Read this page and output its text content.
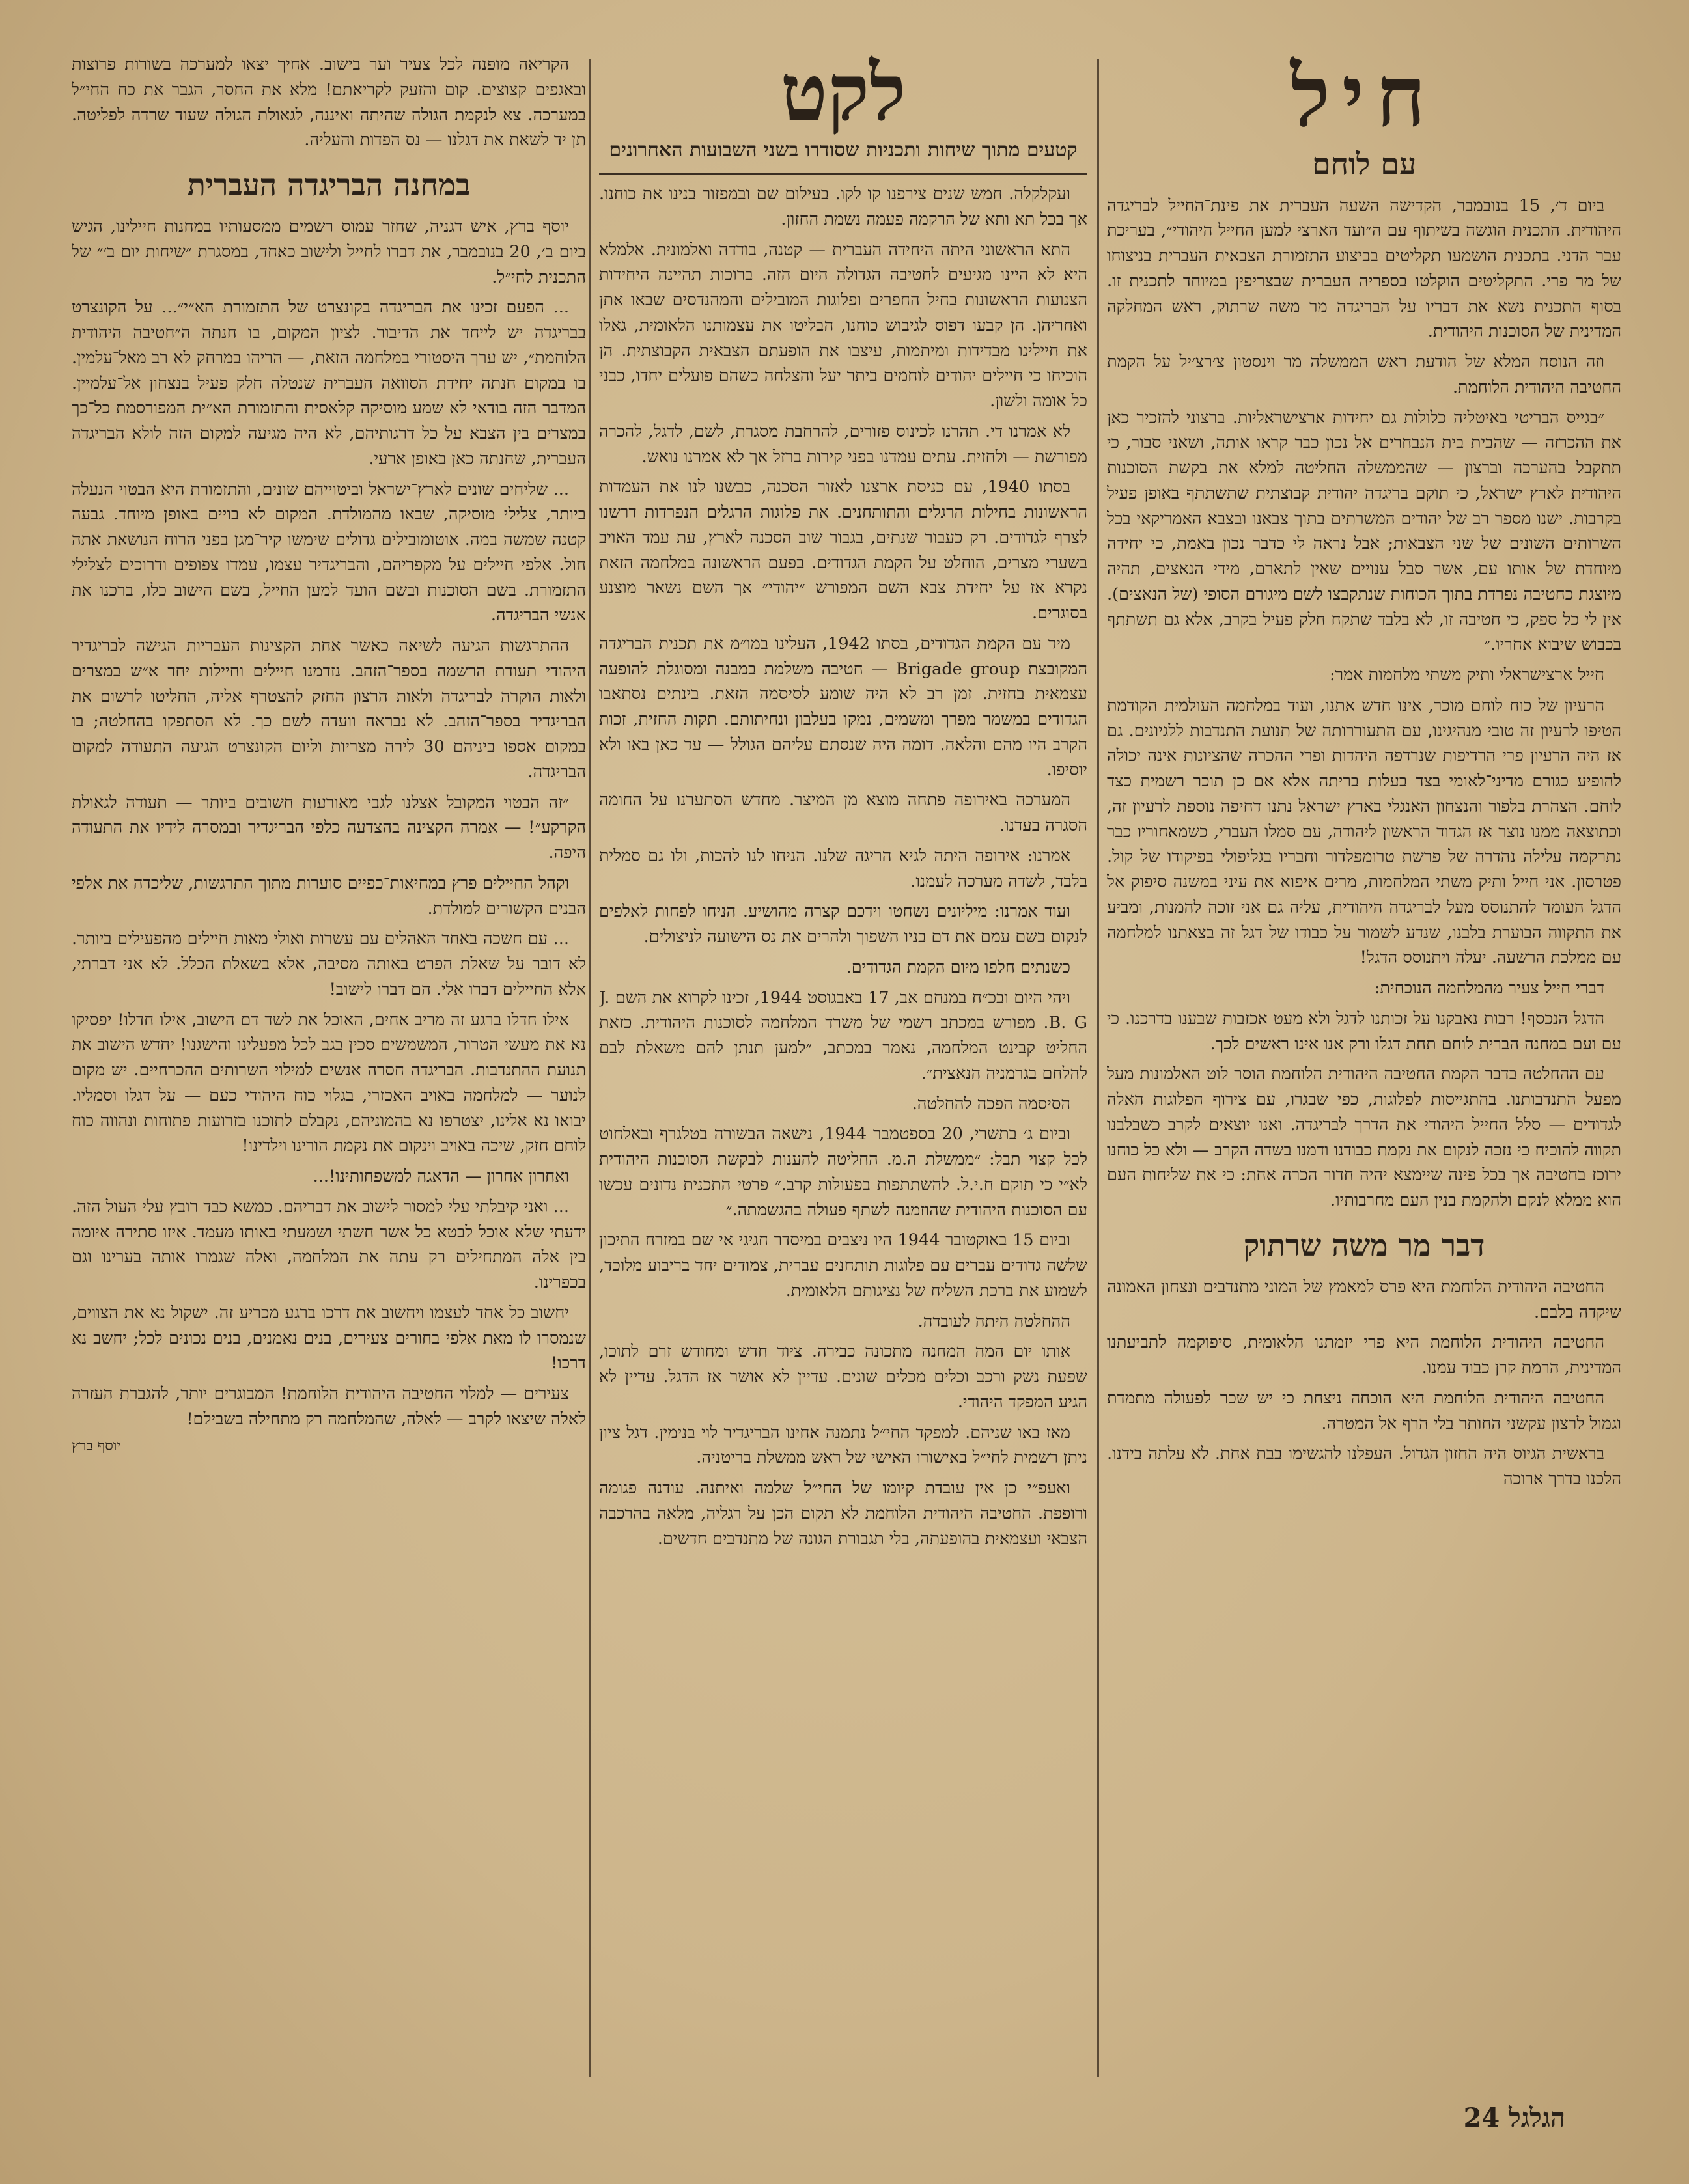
חיל
עם לוחם

ביום ד׳, 15 בנובמבר, הקדישה השעה העברית את פינת־החייל לבריגדה היהודית. התכנית הוגשה בשיתוף עם ה״ועד הארצי למען החייל היהודי״, בעריכת עבר הדני. בתכנית הושמעו תקליטים בביצוע התזמורת הצבאית העברית בניצוחו של מר פרי. התקליטים הוקלטו בספריה העברית שבצריפין במיוחד לתכנית זו. בסוף התכנית נשא את דבריו על הבריגדה מר משה שרתוק, ראש המחלקה המדינית של הסוכנות היהודית.

וזה הנוסח המלא של הודעת ראש הממשלה מר וינסטון צ׳רצ׳יל על הקמת החטיבה היהודית הלוחמת.

״בגייס הבריטי באיטליה כלולות גם יחידות ארצישראליות. ברצוני להזכיר כאן את ההכרזה — שהבית בית הנבחרים אל נכון כבר קראו אותה, ושאני סבור, כי תתקבל בהערכה וברצון — שהממשלה החליטה למלא את בקשת הסוכנות היהודית לארץ ישראל, כי תוקם בריגדה יהודית קבוצתית שתשתתף באופן פעיל בקרבות. ישנו מספר רב של יהודים המשרתים בתוך צבאנו ובצבא האמריקאי בכל השרותים השונים של שני הצבאות; אבל נראה לי כדבר נכון באמת, כי יחידה מיוחדת של אותו עם, אשר סבל ענויים שאין לתארם, מידי הנאצים, תהיה מיוצגת כחטיבה נפרדת בתוך הכוחות שנתקבצו לשם מיגורם הסופי (של הנאצים). אין לי כל ספק, כי חטיבה זו, לא בלבד שתקח חלק פעיל בקרב, אלא גם תשתתף בכבוש שיבוא אחריו.״

חייל ארצישראלי ותיק משתי מלחמות אמר:

הרעיון של כוח לוחם מוכר, אינו חדש אתנו, ועוד במלחמה העולמית הקודמת הטיפו לרעיון זה טובי מנהיגינו, עם התעוררותה של תנועת התנדבות ללגיונים. גם אז היה הרעיון פרי הרדיפות שנרדפה היהדות ופרי ההכרה שהציונות אינה יכולה להופיע כגורם מדיני־לאומי בצד בעלות בריתה אלא אם כן תוכר רשמית כצד לוחם. הצהרת בלפור והנצחון האנגלי בארץ ישראל נתנו דחיפה נוספת לרעיון זה, וכתוצאה ממנו נוצר אז הגדוד הראשון ליהודה, עם סמלו העברי, כשמאחוריו כבר נתרקמה עלילה נהדרה של פרשת טרומפלדור וחבריו בגליפולי בפיקודו של קול. פטרסון. אני חייל ותיק משתי המלחמות, מרים איפוא את עיני במשנה סיפוק אל הדגל העומד להתנוסס מעל לבריגדה היהודית, עליה גם אני זוכה להמנות, ומביע את התקווה הבוערת בלבנו, שנדע לשמור על כבודו של דגל זה בצאתנו למלחמה עם ממלכת הרשעה. יעלה ויתנוסס הדגל!

דברי חייל צעיר מהמלחמה הנוכחית:

הדגל הנכסף! רבות נאבקנו על זכותנו לדגל ולא מעט אכזבות שבענו בדרכנו. כי עם ועם במחנה הברית לוחם תחת דגלו ורק אנו אינו ראשים לכך.

עם ההחלטה בדבר הקמת החטיבה היהודית הלוחמת הוסר לוט האלמונות מעל מפעל התנדבותנו. בהתגייסות לפלוגות, כפי שבגרו, עם צירוף הפלוגות האלה לגדודים — סלל החייל היהודי את הדרך לבריגדה. ואנו יוצאים לקרב כשבלבנו תקווה להוכיח כי נזכה לנקום את נקמת כבודנו ודמנו בשדה הקרב — ולא כל כוחנו ירוכז בחטיבה אך בכל פינה שיימצא יהיה חדור הכרה אחת: כי את שליחות העם הוא ממלא לנקם ולהקמת בנין העם מחרבותיו.

דבר מר משה שרתוק

החטיבה היהודית הלוחמת היא פרס למאמץ של המוני מתנדבים ונצחון האמונה שיקדה בלבם.

החטיבה היהודית הלוחמת היא פרי יזמתנו הלאומית, סיפוקמה לתביעתנו המדינית, הרמת קרן כבוד עמנו.

החטיבה היהודית הלוחמת היא הוכחה ניצחת כי יש שכר לפעולה מתמדת וגמול לרצון עקשני החותר בלי הרף אל המטרה.

בראשית הגיוס היה החזון הגדול. העפלנו להגשימו בבת אחת. לא עלתה בידנו. הלכנו בדרך ארוכה

לקט
קטעים מתוך שיחות ותכניות שסודרו בשני השבועות האחרונים

ועקלקלה. חמש שנים צירפנו קו לקו. בעילום שם ובמפזור בנינו את כוחנו. אך בכל תא ותא של הרקמה פעמה נשמת החזון.

התא הראשוני היתה היחידה העברית — קטנה, בודדה ואלמונית. אלמלא היא לא היינו מגיעים לחטיבה הגדולה היום הזה. ברוכות תהיינה היחידות הצנועות הראשונות בחיל החפרים ופלוגות המובילים והמהנדסים שבאו אתן ואחריהן. הן קבעו דפוס לגיבוש כוחנו, הבליטו את עצמותנו הלאומית, גאלו את חיילינו מבדידות ומיתמות, עיצבו את הופעתם הצבאית הקבוצתית. הן הוכיחו כי חיילים יהודים לוחמים ביתר יעל והצלחה כשהם פועלים יחדו, כבני כל אומה ולשון.

לא אמרנו די. תהרנו לכינוס פזורים, להרחבת מסגרת, לשם, לדגל, להכרה מפורשת — ולחזית. עתים עמדנו בפני קירות ברזל אך לא אמרנו נואש.

בסתו 1940, עם כניסת ארצנו לאזור הסכנה, כבשנו לנו את העמדות הראשונות בחילות הרגלים והתותחנים. את פלוגות הרגלים הנפרדות דרשנו לצרף לגדודים. רק כעבור שנתים, בגבור שוב הסכנה לארץ, עת עמד האויב בשערי מצרים, הוחלט על הקמת הגדודים. בפעם הראשונה במלחמה הזאת נקרא אז על יחידת צבא השם המפורש ״יהודי״ אך השם נשאר מוצנע בסוגרים.

מיד עם הקמת הגדודים, בסתו 1942, העלינו במו״מ את תכנית הבריגדה המקובצת Brigade group — חטיבה משלמת במבנה ומסוגלת להופעה עצמאית בחזית. זמן רב לא היה שומע לסיסמה הזאת. בינתים נסתאבו הגדודים במשמר מפרך ומשמים, נמקו בעלבון ונחיתותם. תקות החזית, זכות הקרב היו מהם והלאה. דומה היה שנסתם עליהם הגולל — עד כאן באו ולא יוסיפו.

המערכה באירופה פתחה מוצא מן המיצר. מחדש הסתערנו על החומה הסגרה בעדנו.

אמרנו: אירופה היתה לגיא הריגה שלנו. הניחו לנו להכות, ולו גם סמלית בלבד, לשדה מערכה לעמנו.

ועוד אמרנו: מיליונים נשחטו וידכם קצרה מהושיע. הניחו לפחות לאלפים לנקום בשם עמם את דם בניו השפוך ולהרים את נס הישועה לניצולים.

כשנתים חלפו מיום הקמת הגדודים.

ויהי היום ובכ״ח במנחם אב, 17 באבגוסט 1944, זכינו לקרוא את השם J. B. G. מפורש במכתב רשמי של משרד המלחמה לסוכנות היהודית. כזאת החליט קבינט המלחמה, נאמר במכתב, ״למען תנתן להם משאלת לבם להלחם בגרמניה הנאצית״.

הסיסמה הפכה להחלטה.

וביום ג׳ בתשרי, 20 בספטמבר 1944, נישאה הבשורה בטלגרף ובאלחוט לכל קצוי תבל: ״ממשלת ה.מ. החליטה להענות לבקשת הסוכנות היהודית לא״י כי תוקם ח.י.ל. להשתתפות בפעולות קרב.״ פרטי התכנית נדונים עכשו עם הסוכנות היהודית שהוזמנה לשתף פעולה בהגשמתה.״

וביום 15 באוקטובר 1944 היו ניצבים במיסדר חגיגי אי שם במזרח התיכון שלשה גדודים עברים עם פלוגות תותחנים עברית, צמודים יחד בריבוע מלוכד, לשמוע את ברכת השליח של נציגותם הלאומית.

ההחלטה היתה לעובדה.

אותו יום המה המחנה מתכונה כבירה. ציוד חדש ומחודש זרם לתוכו, שפעת נשק ורכב וכלים מכלים שונים. עדיין לא אושר אז הדגל. עדיין לא הגיע המפקד היהודי.

מאז באו שניהם. למפקד החי״ל נתמנה אחינו הבריגדיר לוי בנימין. דגל ציון ניתן רשמית לחי״ל באישורו האישי של ראש ממשלת בריטניה.

ואעפ״י כן אין עובדת קיומו של החי״ל שלמה ואיתנה. עודנה פגומה ורופפת. החטיבה היהודית הלוחמת לא תקום הכן על רגליה, מלאה בהרכבה הצבאי ועצמאית בהופעתה, בלי תגבורת הגונה של מתנדבים חדשים.

הקריאה מופנה לכל צעיר וער בישוב. אחיך יצאו למערכה בשורות פרוצות ובאגפים קצוצים. קום והזעק לקריאתם! מלא את החסר, הגבר את כח החי״ל במערכה. צא לנקמת הגולה שהיתה ואיננה, לגאולת הגולה שעוד שרדה לפליטה. תן יד לשאת את דגלנו — נס הפדות והעליה.

במחנה הבריגדה העברית

יוסף ברץ, איש דגניה, שחזר עמוס רשמים ממסעותיו במחנות חיילינו, הגיש ביום ב׳, 20 בנובמבר, את דברו לחייל ולישוב כאחד, במסגרת ״שיחות יום ב׳״ של התכנית לחי״ל.

... הפעם זכינו את הבריגדה בקונצרט של התזמורת הא״י״... על הקונצרט בבריגדה יש לייחד את הדיבור. לציון המקום, בו חנתה ה״חטיבה היהודית הלוחמת״, יש ערך היסטורי במלחמה הזאת, — הריהו במרחק לא רב מאל־עלמין. בו במקום חנתה יחידת הסוואה העברית שנטלה חלק פעיל בנצחון אל־עלמיין. המדבר הזה בודאי לא שמע מוסיקה קלאסית והתזמורת הא״ית המפורסמת כל־כך במצרים בין הצבא על כל דרגותיהם, לא היה מגיעה למקום הזה לולא הבריגדה העברית, שחנתה כאן באופן ארעי.

... שליחים שונים לארץ־ישראל וביטוייהם שונים, והתזמורת היא הבטוי הנעלה ביותר, צלילי מוסיקה, שבאו מהמולדת. המקום לא בויים באופן מיוחד. גבעה קטנה שמשה במה. אוטומובילים גדולים שימשו קיר־מגן בפני הרוח הנושאת אתה חול. אלפי חיילים על מקפריהם, והבריגדיר עצמו, עמדו צפופים ודרוכים לצלילי התזמורת. בשם הסוכנות ובשם הועד למען החייל, בשם הישוב כלו, ברכנו את אנשי הבריגדה.

ההתרגשות הגיעה לשיאה כאשר אחת הקצינות העבריות הגישה לבריגדיר היהודי תעודת הרשמה בספר־הזהב. נזדמנו חיילים וחיילות יחד א״ש במצרים ולאות הוקרה לבריגדה ולאות הרצון החזק להצטרף אליה, החליטו לרשום את הבריגדיר בספר־הזהב. לא נבראה וועדה לשם כך. לא הסתפקו בהחלטה; בו במקום אספו ביניהם 30 לירה מצריות וליום הקונצרט הגיעה התעודה למקום הבריגדה.

״זה הבטוי המקובל אצלנו לגבי מאורעות חשובים ביותר — תעודה לגאולת הקרקע״! — אמרה הקצינה בהצדעה כלפי הבריגדיר ובמסרה לידיו את התעודה היפה.

וקהל החיילים פרץ במחיאות־כפיים סוערות מתוך התרגשות, שליכדה את אלפי הבנים הקשורים למולדת.

... עם חשכה באחד האהלים עם עשרות ואולי מאות חיילים מהפעילים ביותר. לא דובר על שאלת הפרט באותה מסיבה, אלא בשאלת הכלל. לא אני דברתי, אלא החיילים דברו אלי. הם דברו לישוב!

אילו חדלו ברגע זה מריב אחים, האוכל את לשד דם הישוב, אילו חדלו! יפסיקו נא את מעשי הטרור, המשמשים סכין בגב לכל מפעלינו והישגנו! יחדש הישוב את תנועת ההתנדבות. הבריגדה חסרה אנשים למילוי השרותים ההכרחיים. יש מקום לנוער — למלחמה באויב האכזרי, בגלוי כוח היהודי כעם — על דגלו וסמליו. יבואו נא אלינו, יצטרפו נא בהמוניהם, נקבלם לתוכנו בזרועות פתוחות ונהווה כוח לוחם חזק, שיכה באויב וינקום את נקמת הורינו וילדינו!

ואחרון אחרון — הדאגה למשפחותינו!...

... ואני קיבלתי עלי למסור לישוב את דבריהם. כמשא כבד רובץ עלי העול הזה. ידעתי שלא אוכל לבטא כל אשר חשתי ושמעתי באותו מעמד. איזו סתירה איומה בין אלה המתחילים רק עתה את המלחמה, ואלה שגמרו אותה בערינו וגם בכפרינו.

יחשוב כל אחד לעצמו ויחשוב את דרכו ברגע מכריע זה. ישקול נא את הצווים, שנמסרו לו מאת אלפי בחורים צעירים, בנים נאמנים, בנים נכונים לכל; יחשב נא דרכו!

צעירים — למלוי החטיבה היהודית הלוחמת! המבוגרים יותר, להגברת העזרה לאלה שיצאו לקרב — לאלה, שהמלחמה רק מתחילה בשבילם!

יוסף ברץ
הגלגל 24
